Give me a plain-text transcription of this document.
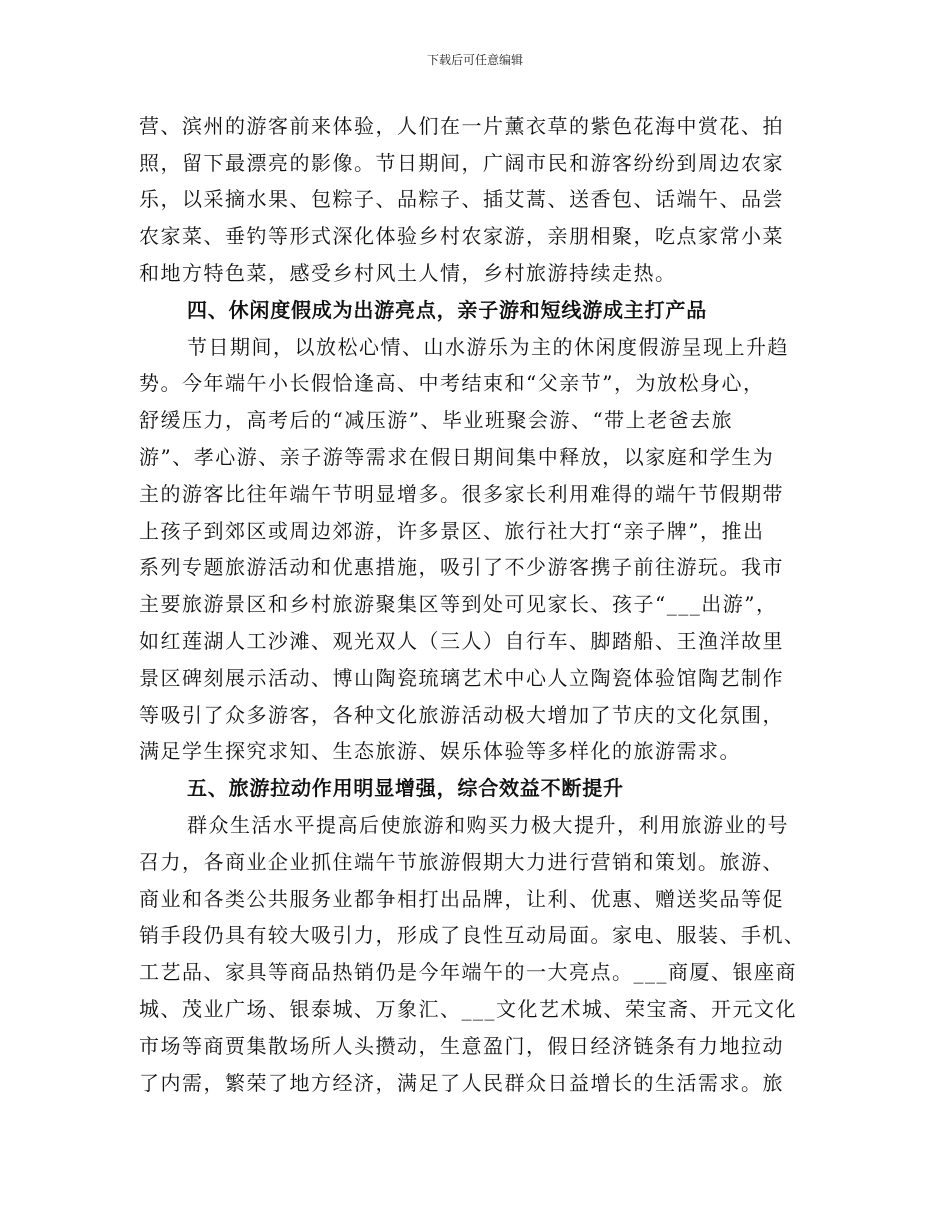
下载后可任意编辑
营、滨州的游客前来体验，人们在一片薰衣草的紫色花海中赏花、拍
照，留下最漂亮的影像。节日期间，广阔市民和游客纷纷到周边农家
乐，以采摘水果、包粽子、品粽子、插艾蒿、送香包、话端午、品尝
农家菜、垂钓等形式深化体验乡村农家游，亲朋相聚，吃点家常小菜
和地方特色菜，感受乡村风土人情，乡村旅游持续走热。
四、休闲度假成为出游亮点，亲子游和短线游成主打产品
节日期间，以放松心情、山水游乐为主的休闲度假游呈现上升趋
势。今年端午小长假恰逢高、中考结束和“父亲节”，为放松身心，
舒缓压力，高考后的“减压游”、毕业班聚会游、“带上老爸去旅
游”、孝心游、亲子游等需求在假日期间集中释放，以家庭和学生为
主的游客比往年端午节明显增多。很多家长利用难得的端午节假期带
上孩子到郊区或周边郊游，许多景区、旅行社大打“亲子牌”，推出
系列专题旅游活动和优惠措施，吸引了不少游客携子前往游玩。我市
主要旅游景区和乡村旅游聚集区等到处可见家长、孩子“___出游”，
如红莲湖人工沙滩、观光双人（三人）自行车、脚踏船、王渔洋故里
景区碑刻展示活动、博山陶瓷琉璃艺术中心人立陶瓷体验馆陶艺制作
等吸引了众多游客，各种文化旅游活动极大增加了节庆的文化氛围，
满足学生探究求知、生态旅游、娱乐体验等多样化的旅游需求。
五、旅游拉动作用明显增强，综合效益不断提升
群众生活水平提高后使旅游和购买力极大提升，利用旅游业的号
召力，各商业企业抓住端午节旅游假期大力进行营销和策划。旅游、
商业和各类公共服务业都争相打出品牌，让利、优惠、赠送奖品等促
销手段仍具有较大吸引力，形成了良性互动局面。家电、服装、手机、
工艺品、家具等商品热销仍是今年端午的一大亮点。___商厦、银座商
城、茂业广场、银泰城、万象汇、___文化艺术城、荣宝斋、开元文化
市场等商贾集散场所人头攒动，生意盈门，假日经济链条有力地拉动
了内需，繁荣了地方经济，满足了人民群众日益增长的生活需求。旅
